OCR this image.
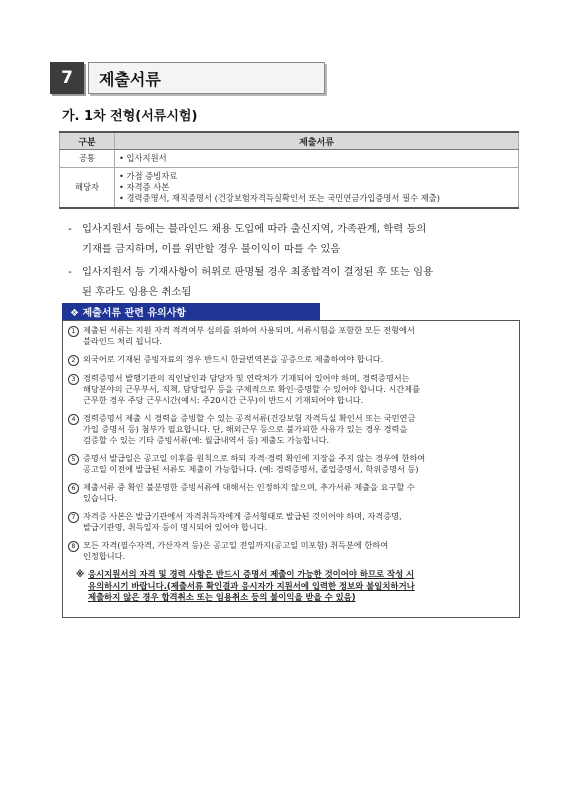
7	제출서류
가. 1차 전형(서류시험)
구분	제출서류
공통	• 입사지원서

해당자	• 가점 증빙자료
• 자격증 사본
• 경력증명서, 재직증명서 (건강보험자격득실확인서 또는 국민연금가입증명서 필수 제출)
- 입사지원서 등에는 블라인드 채용 도입에 따라 출신지역, 가족관계, 학력 등의
기재를 금지하며, 이를 위반할 경우 불이익이 따를 수 있음
- 입사지원서 등 기재사항이 허위로 판명될 경우 최종합격이 결정된 후 또는 임용
된 후라도 임용은 취소됨
❖ 제출서류 관련 유의사항
1 제출된 서류는 지원 자격 적격여부 심의를 위하여 사용되며, 서류시험을 포함한 모든 전형에서
블라인드 처리 됩니다.
2 외국어로 기재된 증빙자료의 경우 반드시 한글번역본을 공증으로 제출하여야 합니다.
3 경력증명서 발행기관의 직인날인과 담당자 및 연락처가 기재되어 있어야 하며, 경력증명서는
해당분야의 근무부서, 직책, 담당업무 등을 구체적으로 확인·증명할 수 있어야 합니다. 시간제를
근무한 경우 주당 근무시간(예시: 주20시간 근무)이 반드시 기재되어야 합니다.
4 경력증명서 제출 시 경력을 증빙할 수 있는 공적서류(건강보험 자격득실 확인서 또는 국민연금
가입 증명서 등) 첨부가 필요합니다. 단, 해외근무 등으로 불가피한 사유가 있는 경우 경력을
검증할 수 있는 기타 증빙서류(예: 월급내역서 등) 제출도 가능합니다.
5 증명서 발급일은 공고일 이후를 원칙으로 하되 자격·경력 확인에 지장을 주지 않는 경우에 한하여
공고일 이전에 발급된 서류도 제출이 가능합니다. (예: 경력증명서, 졸업증명서, 학위증명서 등)
6 제출서류 중 확인 불분명한 증빙서류에 대해서는 인정하지 않으며, 추가서류 제출을 요구할 수
있습니다.
7 자격증 사본은 발급기관에서 자격취득자에게 증서형태로 발급된 것이어야 하며, 자격증명,
발급기관명, 취득일자 등이 명시되어 있어야 합니다.
8 모든 자격(필수자격, 가산자격 등)은 공고일 전일까지(공고일 미포함) 취득분에 한하여
인정합니다.
※ 응시지원서의 자격 및 경력 사항은 반드시 증명서 제출이 가능한 것이어야 하므로 작성 시
유의하시기 바랍니다.(제출서류 확인결과 응시자가 지원서에 입력한 정보와 불일치하거나
제출하지 않은 경우 합격취소 또는 임용취소 등의 불이익을 받을 수 있음)
